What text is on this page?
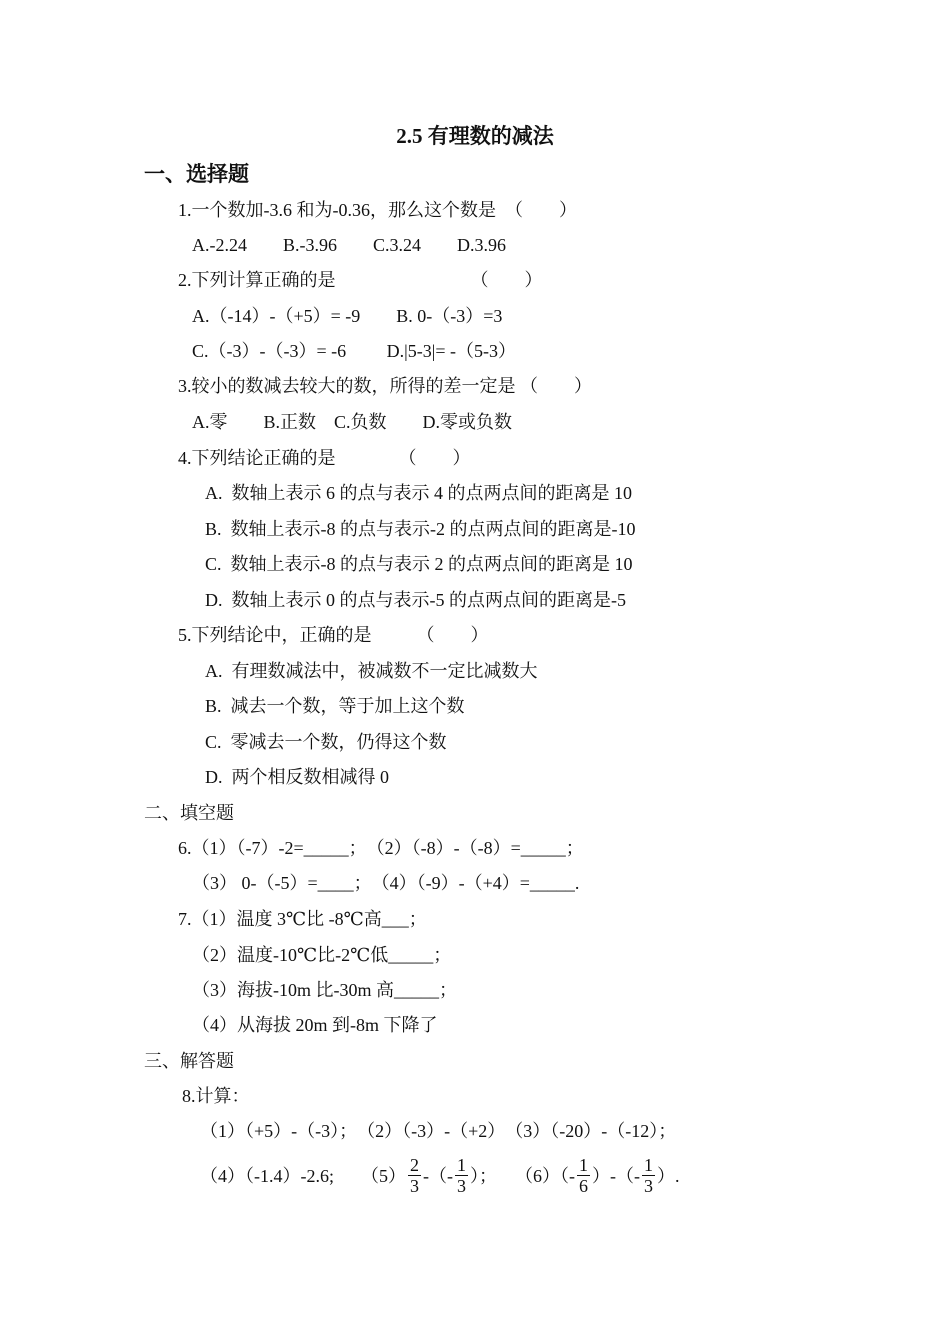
2.5 有理数的减法
一、选择题
1.一个数加-3.6 和为-0.36，那么这个数是　（　　）
A.-2.24　　B.-3.96　　C.3.24　　D.3.96
2.下列计算正确的是　　　　　　　　（　　）
A.（-14）-（+5）= -9　　B. 0-（-3）=3
C.（-3）-（-3）= -6　　 D.|5-3|= -（5-3）
3.较小的数减去较大的数，所得的差一定是 （　　）
A.零　　B.正数　C.负数　　D.零或负数
4.下列结论正确的是　　　　（　　）
A.  数轴上表示 6 的点与表示 4 的点两点间的距离是 10
B.  数轴上表示-8 的点与表示-2 的点两点间的距离是-10
C.  数轴上表示-8 的点与表示 2 的点两点间的距离是 10
D.  数轴上表示 0 的点与表示-5 的点两点间的距离是-5
5.下列结论中，正确的是　　　（　　）
A.  有理数减法中，被减数不一定比减数大
B.  减去一个数，等于加上这个数
C.  零减去一个数，仍得这个数
D.  两个相反数相减得 0
二、填空题
6.（1）（-7）-2=_____；　（2）（-8）-（-8）=_____；
（3） 0-（-5）=____；　（4）（-9）-（+4）=_____.
7.（1）温度 3℃比 -8℃高___；
（2）温度-10℃比-2℃低_____；
（3）海拔-10m 比-30m 高_____；
（4）从海拔 20m 到-8m 下降了
三、解答题
8.计算：
（1）（+5）-（-3）；　（2）（-3）-（+2）　（3）（-20）-（-12）；
（4）（-1.4）-2.6;　　$(5) \frac{2}{3}$ -（- $\frac{1}{3}$ ）；　　$(6)(- \frac{1}{6}$ ）-（- $\frac{1}{3}$ ）.
